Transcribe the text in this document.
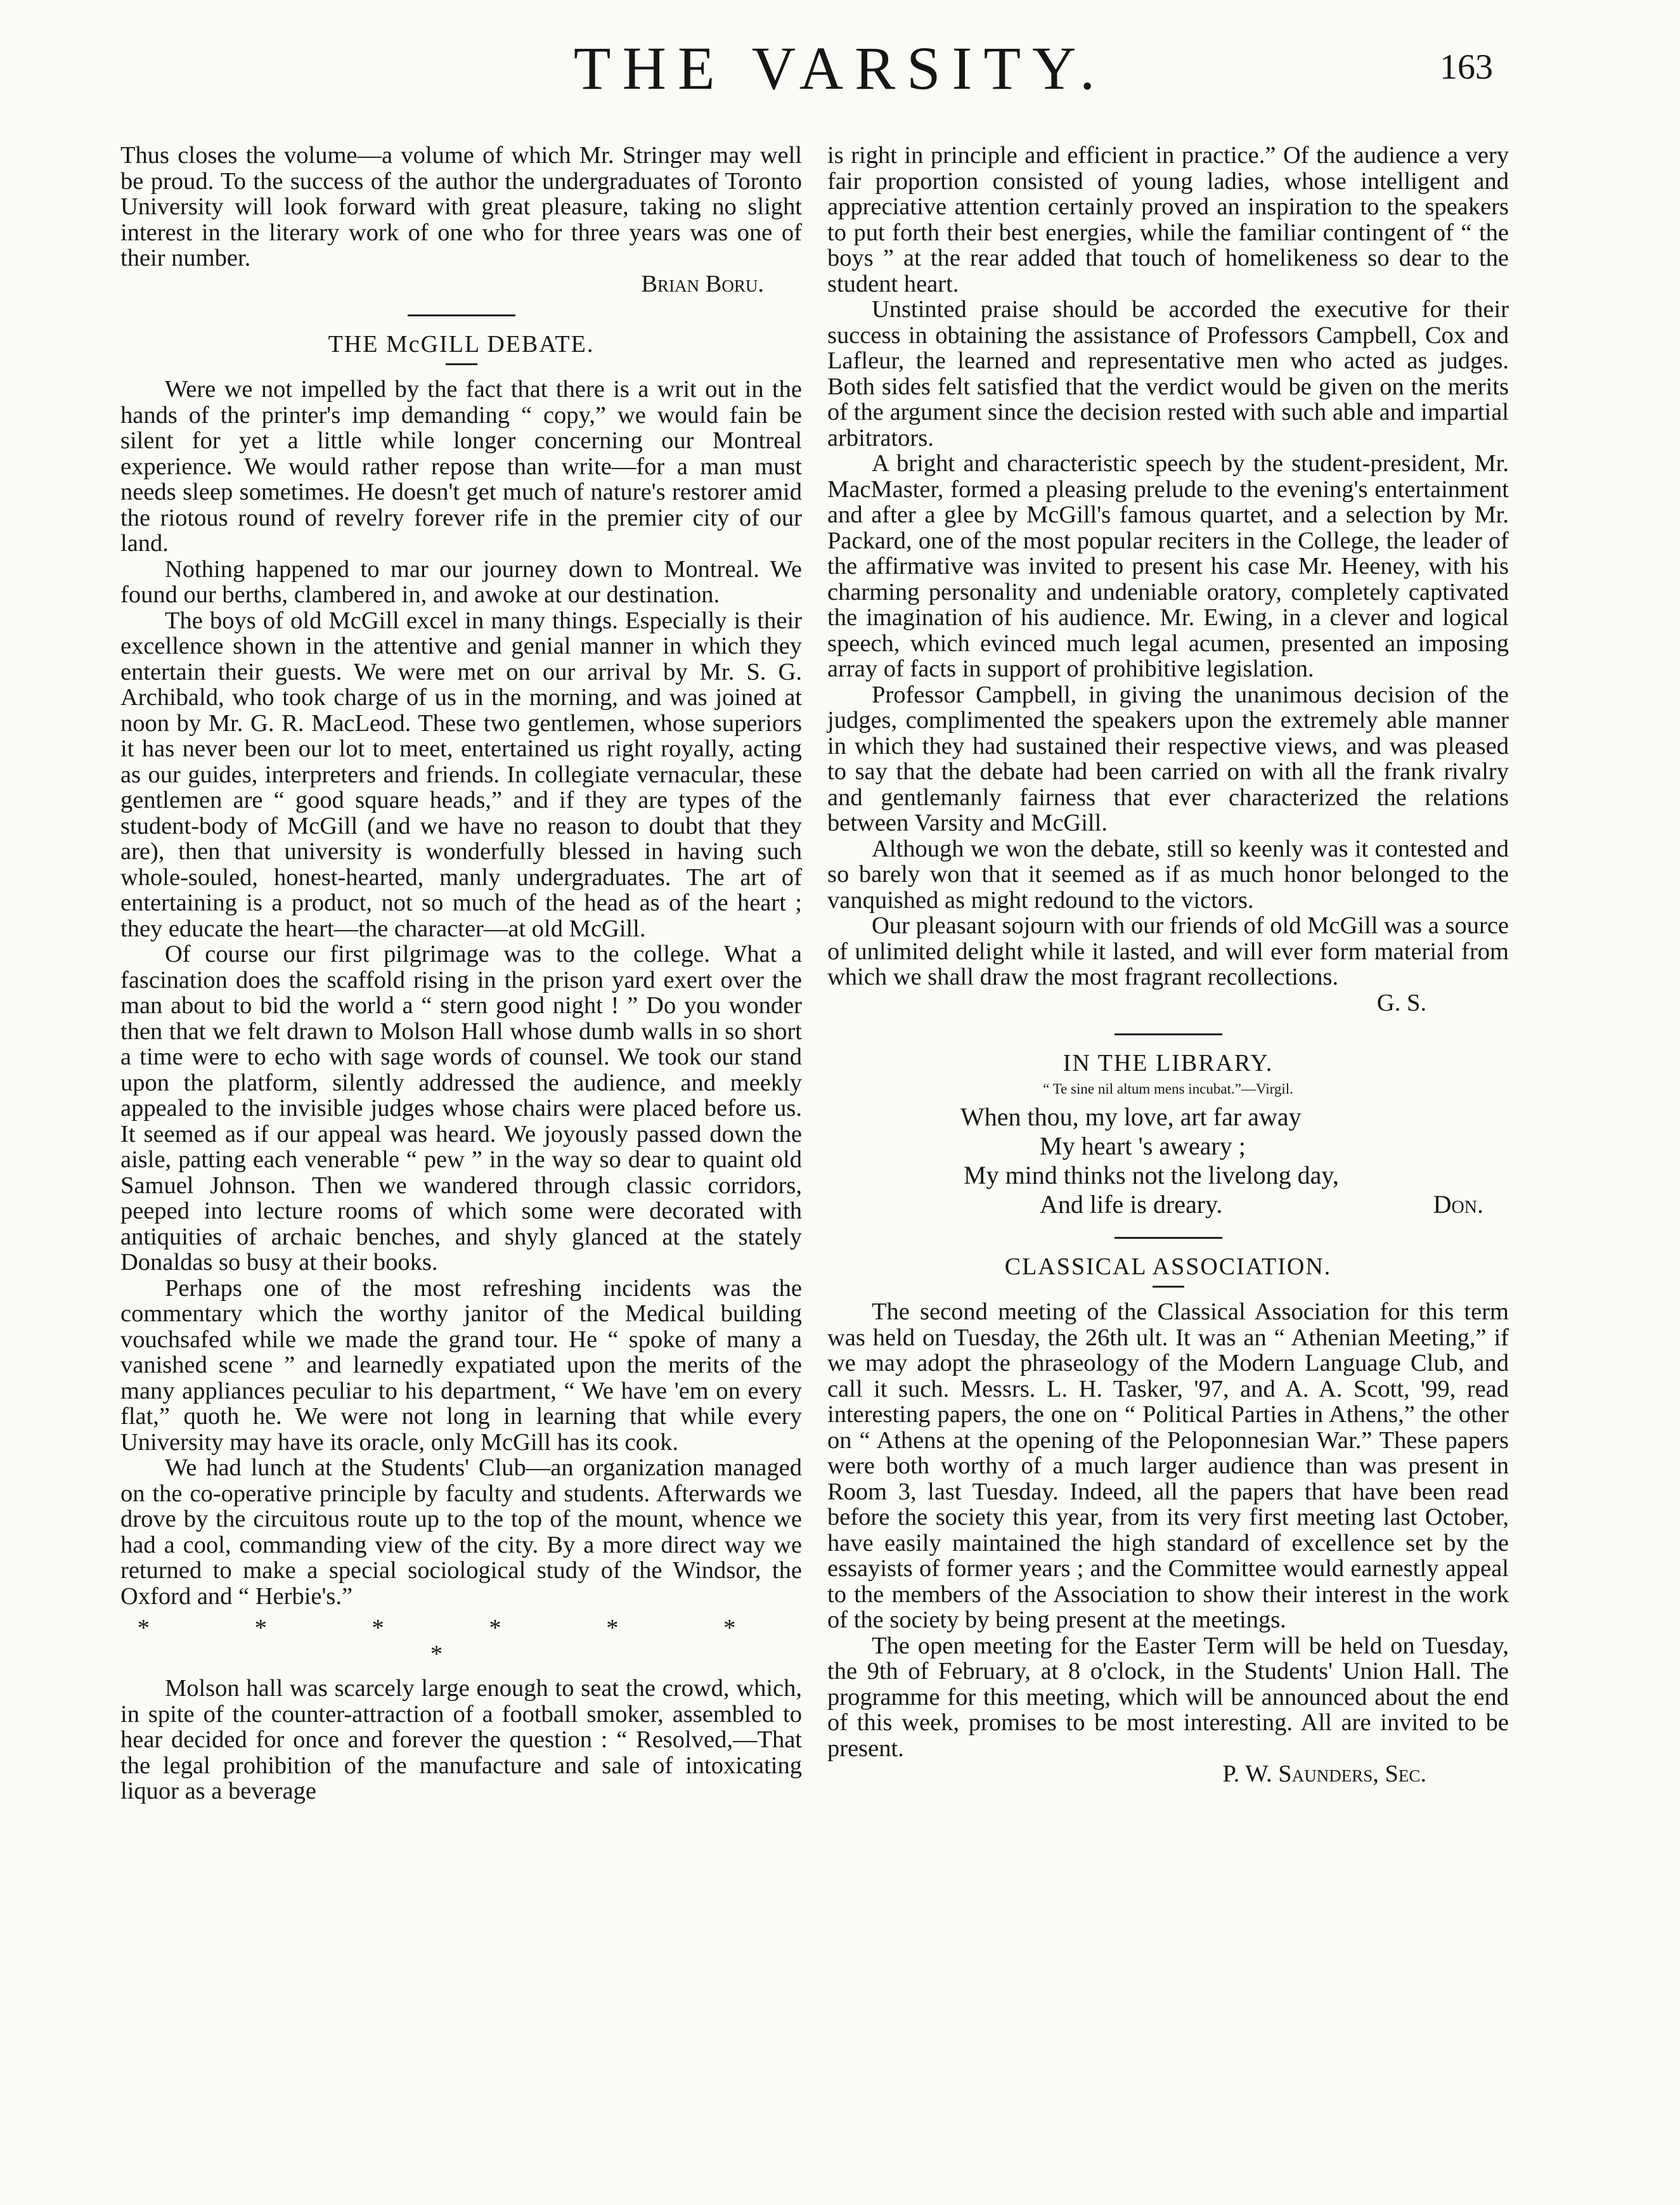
THE VARSITY.	163

Thus closes the volume—a volume of which Mr. Stringer may well be proud. To the success of the author the undergraduates of Toronto University will look forward with great pleasure, taking no slight interest in the literary work of one who for three years was one of their number.

Brian Boru.

THE McGILL DEBATE.

Were we not impelled by the fact that there is a writ out in the hands of the printer's imp demanding “ copy,” we would fain be silent for yet a little while longer concerning our Montreal experience. We would rather repose than write—for a man must needs sleep sometimes. He doesn't get much of nature's restorer amid the riotous round of revelry forever rife in the premier city of our land.

Nothing happened to mar our journey down to Montreal. We found our berths, clambered in, and awoke at our destination.

The boys of old McGill excel in many things. Especially is their excellence shown in the attentive and genial manner in which they entertain their guests. We were met on our arrival by Mr. S. G. Archibald, who took charge of us in the morning, and was joined at noon by Mr. G. R. MacLeod. These two gentlemen, whose superiors it has never been our lot to meet, entertained us right royally, acting as our guides, interpreters and friends. In collegiate vernacular, these gentlemen are “ good square heads,” and if they are types of the student-body of McGill (and we have no reason to doubt that they are), then that university is wonderfully blessed in having such whole-souled, honest-hearted, manly undergraduates. The art of entertaining is a product, not so much of the head as of the heart ; they educate the heart—the character—at old McGill.

Of course our first pilgrimage was to the college. What a fascination does the scaffold rising in the prison yard exert over the man about to bid the world a “ stern good night ! ” Do you wonder then that we felt drawn to Molson Hall whose dumb walls in so short a time were to echo with sage words of counsel. We took our stand upon the platform, silently addressed the audience, and meekly appealed to the invisible judges whose chairs were placed before us. It seemed as if our appeal was heard. We joyously passed down the aisle, patting each venerable “ pew ” in the way so dear to quaint old Samuel Johnson. Then we wandered through classic corridors, peeped into lecture rooms of which some were decorated with antiquities of archaic benches, and shyly glanced at the stately Donaldas so busy at their books.

Perhaps one of the most refreshing incidents was the commentary which the worthy janitor of the Medical building vouchsafed while we made the grand tour. He “ spoke of many a vanished scene ” and learnedly expatiated upon the merits of the many appliances peculiar to his department, “ We have 'em on every flat,” quoth he. We were not long in learning that while every University may have its oracle, only McGill has its cook.

We had lunch at the Students' Club—an organization managed on the co-operative principle by faculty and students. Afterwards we drove by the circuitous route up to the top of the mount, whence we had a cool, commanding view of the city. By a more direct way we returned to make a special sociological study of the Windsor, the Oxford and “ Herbie's.”

* * * * * * *

Molson hall was scarcely large enough to seat the crowd, which, in spite of the counter-attraction of a football smoker, assembled to hear decided for once and forever the question : “ Resolved,—That the legal prohibition of the manufacture and sale of intoxicating liquor as a beverage

is right in principle and efficient in practice.” Of the audience a very fair proportion consisted of young ladies, whose intelligent and appreciative attention certainly proved an inspiration to the speakers to put forth their best energies, while the familiar contingent of “ the boys ” at the rear added that touch of homelikeness so dear to the student heart.

Unstinted praise should be accorded the executive for their success in obtaining the assistance of Professors Campbell, Cox and Lafleur, the learned and representative men who acted as judges. Both sides felt satisfied that the verdict would be given on the merits of the argument since the decision rested with such able and impartial arbitrators.

A bright and characteristic speech by the student-president, Mr. MacMaster, formed a pleasing prelude to the evening's entertainment and after a glee by McGill's famous quartet, and a selection by Mr. Packard, one of the most popular reciters in the College, the leader of the affirmative was invited to present his case Mr. Heeney, with his charming personality and undeniable oratory, completely captivated the imagination of his audience. Mr. Ewing, in a clever and logical speech, which evinced much legal acumen, presented an imposing array of facts in support of prohibitive legislation.

Professor Campbell, in giving the unanimous decision of the judges, complimented the speakers upon the extremely able manner in which they had sustained their respective views, and was pleased to say that the debate had been carried on with all the frank rivalry and gentlemanly fairness that ever characterized the relations between Varsity and McGill.

Although we won the debate, still so keenly was it contested and so barely won that it seemed as if as much honor belonged to the vanquished as might redound to the victors.

Our pleasant sojourn with our friends of old McGill was a source of unlimited delight while it lasted, and will ever form material from which we shall draw the most fragrant recollections.

G. S.

IN THE LIBRARY.
“ Te sine nil altum mens incubat.”—Virgil.
When thou, my love, art far away
My heart 's aweary ;
My mind thinks not the livelong day,
And life is dreary.	Don.
CLASSICAL ASSOCIATION.

The second meeting of the Classical Association for this term was held on Tuesday, the 26th ult. It was an “ Athenian Meeting,” if we may adopt the phraseology of the Modern Language Club, and call it such. Messrs. L. H. Tasker, '97, and A. A. Scott, '99, read interesting papers, the one on “ Political Parties in Athens,” the other on “ Athens at the opening of the Peloponnesian War.” These papers were both worthy of a much larger audience than was present in Room 3, last Tuesday. Indeed, all the papers that have been read before the society this year, from its very first meeting last October, have easily maintained the high standard of excellence set by the essayists of former years ; and the Committee would earnestly appeal to the members of the Association to show their interest in the work of the society by being present at the meetings.

The open meeting for the Easter Term will be held on Tuesday, the 9th of February, at 8 o'clock, in the Students' Union Hall. The programme for this meeting, which will be announced about the end of this week, promises to be most interesting. All are invited to be present.

P. W. Saunders, Sec.
